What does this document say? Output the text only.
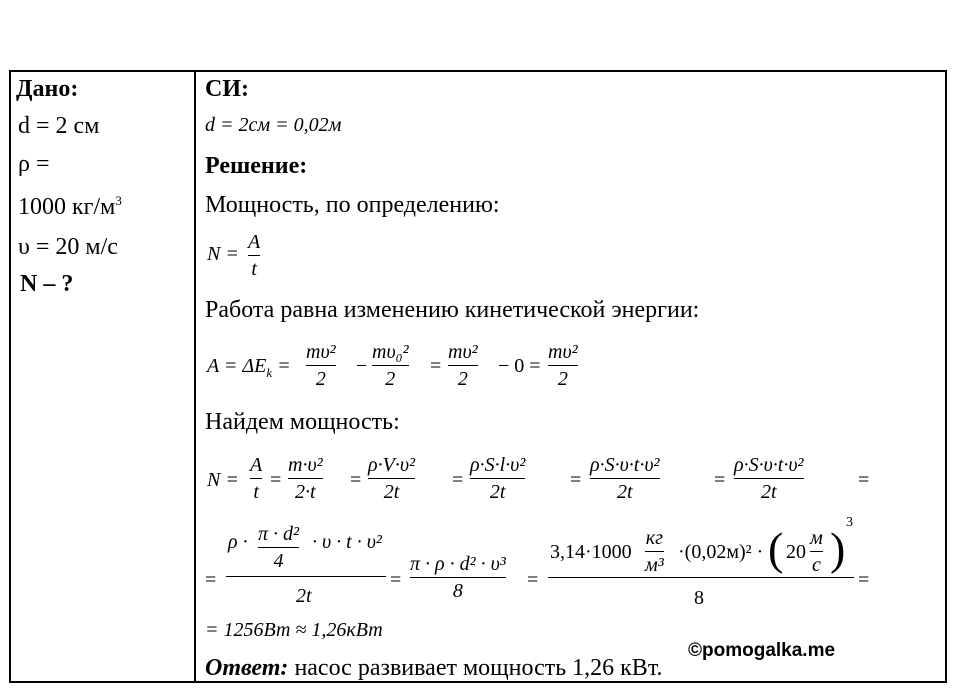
Дано:
d = 2 см
ρ =
1000 $кг/м^3$
υ = 20 м/с
N – ?
СИ:
d = 2см = 0,02м
Решение:
Мощность, по определению:
N =
A
t
Работа равна изменению кинетической энергии:
$A = \Delta E_k$ =
mυ²
2
−
mυ₀²
2
=
mυ²
2
− 0 =
mυ²
2
Найдем мощность:
N =
A
t
=
m·υ²
2·t
=
ρ·V·υ²
2t
=
ρ·S·l·υ²
2t
=
ρ·S·υ·t·υ²
2t
=
ρ·S·υ·t·υ²
2t
=
=
ρ · π · d²
4
· υ · t · υ²
2t
=
π · ρ · d² · υ³
8	=
3,14·1000
кг
м³
·(0,02м)² · ( 20
м
с )
3
8
=
= 1256Вт ≈ 1,26кВт
©pomogalka.me
Ответ: насос развивает мощность 1,26 кВт.
